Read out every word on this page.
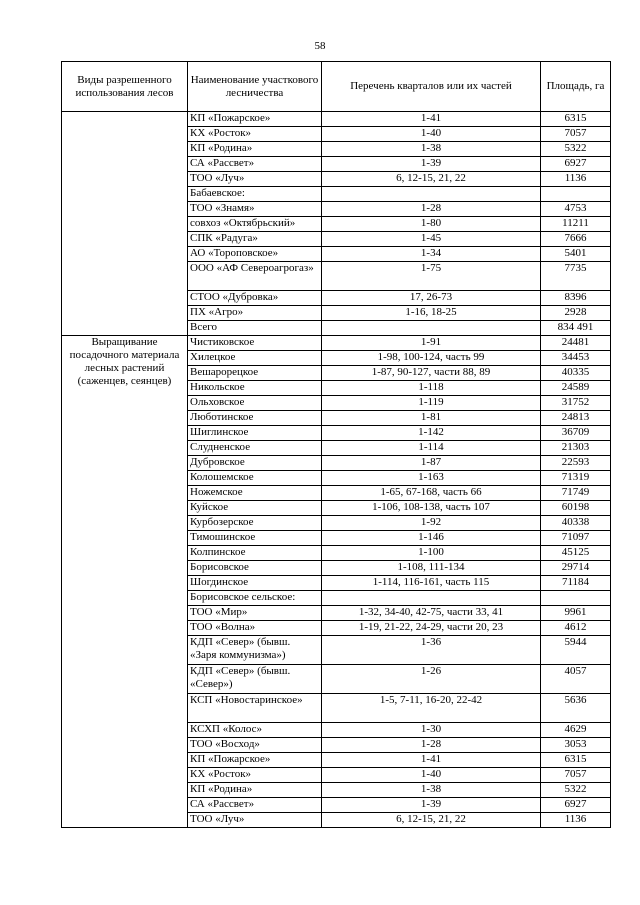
58
Виды разрешенного использования лесов	Наименование участкового лесничества	Перечень кварталов или их частей	Площадь, га
	КП «Пожарское»	1-41	6315
	КХ «Росток»	1-40	7057
	КП «Родина»	1-38	5322
	СА «Рассвет»	1-39	6927
	ТОО «Луч»	6, 12-15, 21, 22	1136
	Бабаевское:		
	ТОО «Знамя»	1-28	4753
	совхоз «Октябрьский»	1-80	11211
	СПК «Радуга»	1-45	7666
	АО «Тороповское»	1-34	5401
	ООО «АФ Североагрогаз»	1-75	7735
	СТОО «Дубровка»	17, 26-73	8396
	ПХ «Агро»	1-16, 18-25	2928
	Всего		834 491
Выращивание посадочного материала лесных растений (саженцев, сеянцев)	Чистиковское	1-91	24481
	Хилецкое	1-98, 100-124, часть 99	34453
	Вешарорецкое	1-87, 90-127, части 88, 89	40335
	Никольское	1-118	24589
	Ольховское	1-119	31752
	Люботинское	1-81	24813
	Шиглинское	1-142	36709
	Слудненское	1-114	21303
	Дубровское	1-87	22593
	Колошемское	1-163	71319
	Ножемское	1-65, 67-168, часть 66	71749
	Куйское	1-106, 108-138, часть 107	60198
	Курбозерское	1-92	40338
	Тимошинское	1-146	71097
	Колпинское	1-100	45125
	Борисовское	1-108, 111-134	29714
	Шогдинское	1-114, 116-161, часть 115	71184
	Борисовское сельское:		
	ТОО «Мир»	1-32, 34-40, 42-75, части 33, 41	9961
	ТОО «Волна»	1-19, 21-22, 24-29, части 20, 23	4612
	КДП «Север» (бывш. «Заря коммунизма»)	1-36	5944
	КДП «Север» (бывш. «Север»)	1-26	4057
	КСП «Новостаринское»	1-5, 7-11, 16-20, 22-42	5636
	КСХП «Колос»	1-30	4629
	ТОО «Восход»	1-28	3053
	КП «Пожарское»	1-41	6315
	КХ «Росток»	1-40	7057
	КП «Родина»	1-38	5322
	СА «Рассвет»	1-39	6927
	ТОО «Луч»	6, 12-15, 21, 22	1136
